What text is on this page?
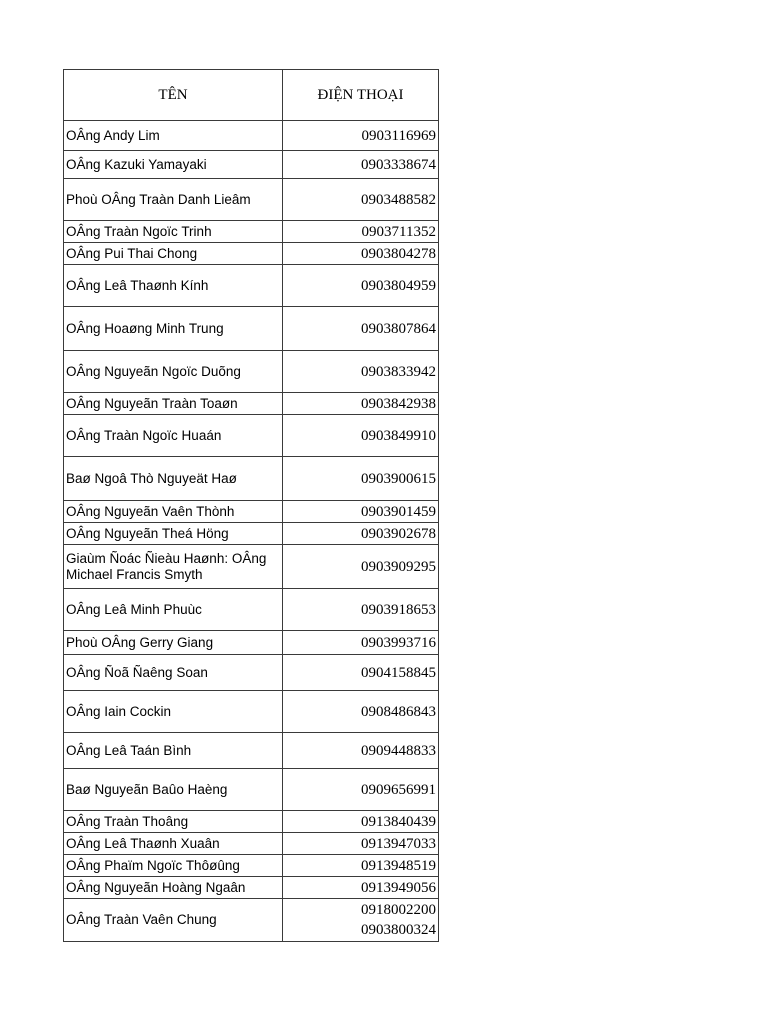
TÊN	ĐIỆN THOẠI
OÂng Andy Lim	0903116969

OÂng Kazuki Yamayaki	0903338674

Phoù OÂng Traàn Danh Lieâm	0903488582

OÂng Traàn Ngoïc Trinh	0903711352

OÂng Pui Thai Chong	0903804278

OÂng Leâ Thaønh Kính	0903804959

OÂng Hoaøng Minh Trung	0903807864

OÂng Nguyeãn Ngoïc Duõng	0903833942

OÂng Nguyeãn Traàn Toaøn	0903842938

OÂng Traàn Ngoïc Huaán	0903849910

Baø Ngoâ Thò Nguyeät Haø	0903900615

OÂng Nguyeãn Vaên Thònh	0903901459

OÂng Nguyeãn Theá Höng	0903902678

Giaùm Ñoác Ñieàu Haønh: OÂng Michael Francis Smyth	0903909295

OÂng Leâ Minh Phuùc	0903918653

Phoù OÂng Gerry Giang	0903993716

OÂng Ñoã Ñaêng Soan	0904158845

OÂng Iain Cockin	0908486843

OÂng Leâ Taán Bình	0909448833

Baø Nguyeãn Baûo Haèng	0909656991

OÂng Traàn Thoâng	0913840439

OÂng Leâ Thaønh Xuaân	0913947033

OÂng Phaïm Ngoïc Thôøûng	0913948519

OÂng Nguyeãn Hoàng Ngaân	0913949056

OÂng Traàn Vaên Chung	0918002200
0903800324
